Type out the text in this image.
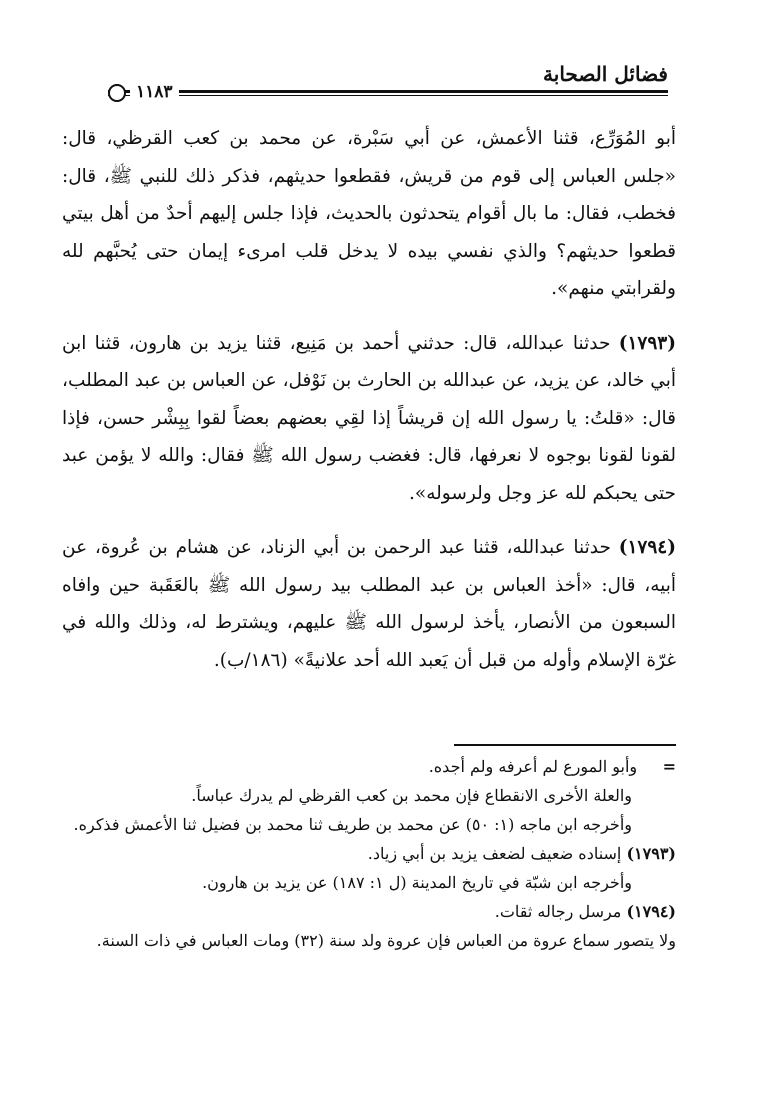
فضائل الصحابة
١١٨٣

أبو المُوَرِّع، قثنا الأعمش، عن أبي سَبْرة، عن محمد بن كعب القرظي، قال: «جلس العباس إلى قوم من قريش، فقطعوا حديثهم، فذكر ذلك للنبي ﷺ، قال: فخطب، فقال: ما بال أقوام يتحدثون بالحديث، فإذا جلس إليهم أحدٌ من أهل بيتي قطعوا حديثهم؟ والذي نفسي بيده لا يدخل قلب امرىء إيمان حتى يُحبَّهم لله ولقرابتي منهم».

(١٧٩٣) حدثنا عبدالله، قال: حدثني أحمد بن مَنِيع، قثنا يزيد بن هارون، قثنا ابن أبي خالد، عن يزيد، عن عبدالله بن الحارث بن نَوْفل، عن العباس بن عبد المطلب، قال: «قلتُ: يا رسول الله إن قريشاً إذا لقِي بعضهم بعضاً لقوا بِبِشْر حسن، فإذا لقونا لقونا بوجوه لا نعرفها، قال: فغضب رسول الله ﷺ فقال: والله لا يؤمن عبد حتى يحبكم لله عز وجل ولرسوله».

(١٧٩٤) حدثنا عبدالله، قثنا عبد الرحمن بن أبي الزناد، عن هشام بن عُروة، عن أبيه، قال: «أخذ العباس بن عبد المطلب بيد رسول الله ﷺ بالعَقَبة حين وافاه السبعون من الأنصار، يأخذ لرسول الله ﷺ عليهم، ويشترط له، وذلك والله في غرّة الإسلام وأوله من قبل أن يَعبد الله أحد علانيةً» (١٨٦/ب).

=     وأبو المورع لم أعرفه ولم أجده.

والعلة الأخرى الانقطاع فإن محمد بن كعب القرظي لم يدرك عباساً.

وأخرجه ابن ماجه (١: ٥٠) عن محمد بن طريف ثنا محمد بن فضيل ثنا الأعمش فذكره.

(١٧٩٣) إسناده ضعيف لضعف يزيد بن أبي زياد.

وأخرجه ابن شبّة في تاريخ المدينة (ل ١: ١٨٧) عن يزيد بن هارون.

(١٧٩٤) مرسل رجاله ثقات.

ولا يتصور سماع عروة من العباس فإن عروة ولد سنة (٣٢) ومات العباس في ذات السنة.
